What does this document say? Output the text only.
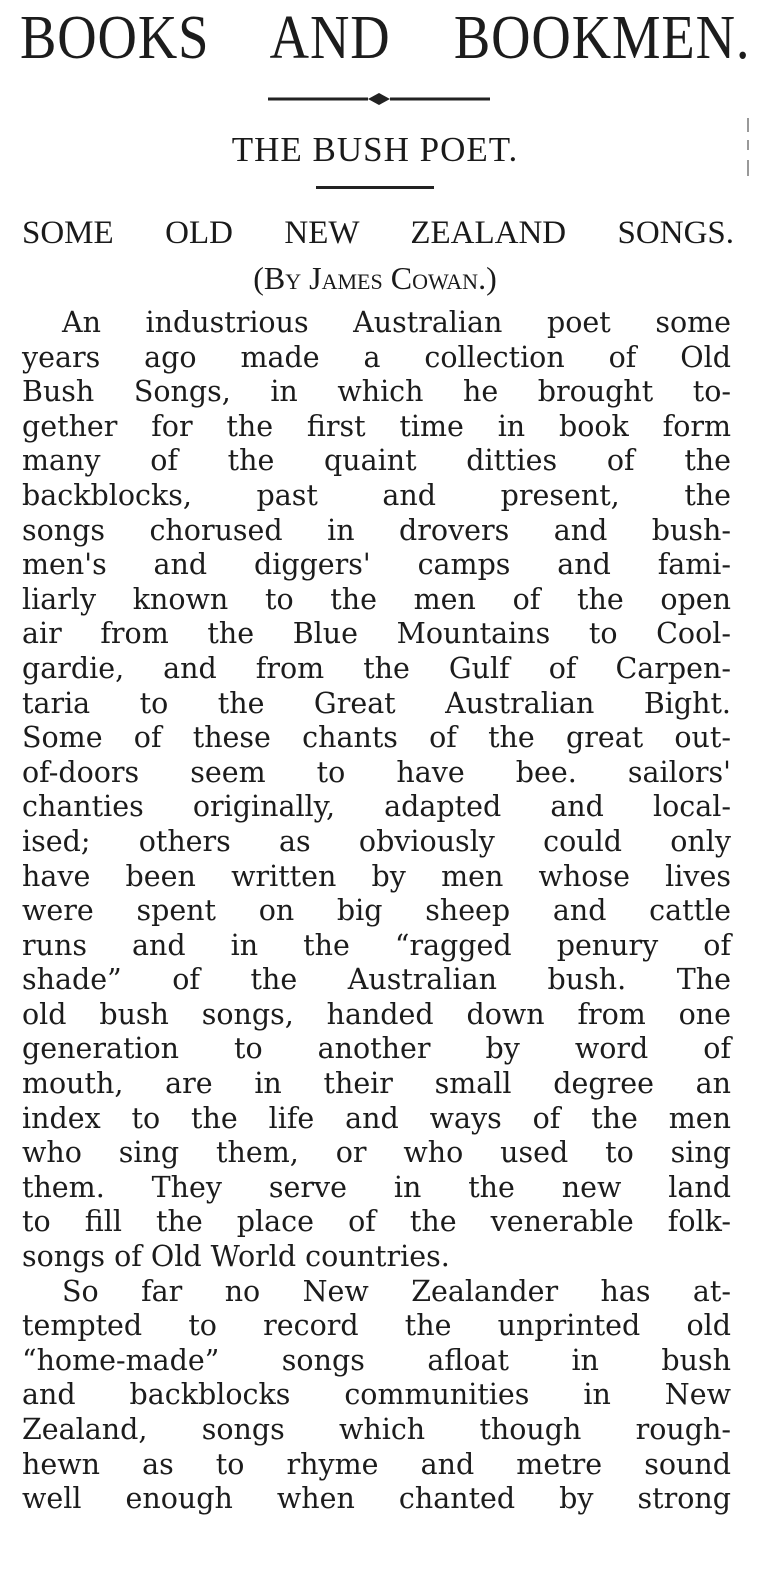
BOOKS AND BOOKMEN.
THE BUSH POET.
SOME OLD NEW ZEALAND SONGS.
(By James Cowan.)
An industrious Australian poet some
years ago made a collection of Old
Bush Songs, in which he brought to-
gether for the first time in book form
many of the quaint ditties of the
backblocks, past and present, the
songs chorused in drovers and bush-
men's and diggers' camps and fami-
liarly known to the men of the open
air from the Blue Mountains to Cool-
gardie, and from the Gulf of Carpen-
taria to the Great Australian Bight.
Some of these chants of the great out-
of-doors seem to have bee. sailors'
chanties originally, adapted and local-
ised; others as obviously could only
have been written by men whose lives
were spent on big sheep and cattle
runs and in the “ragged penury of
shade” of the Australian bush. The
old bush songs, handed down from one
generation to another by word of
mouth, are in their small degree an
index to the life and ways of the men
who sing them, or who used to sing
them. They serve in the new land
to fill the place of the venerable folk-
songs of Old World countries.
So far no New Zealander has at-
tempted to record the unprinted old
“home-made” songs afloat in bush
and backblocks communities in New
Zealand, songs which though rough-
hewn as to rhyme and metre sound
well enough when chanted by strong
